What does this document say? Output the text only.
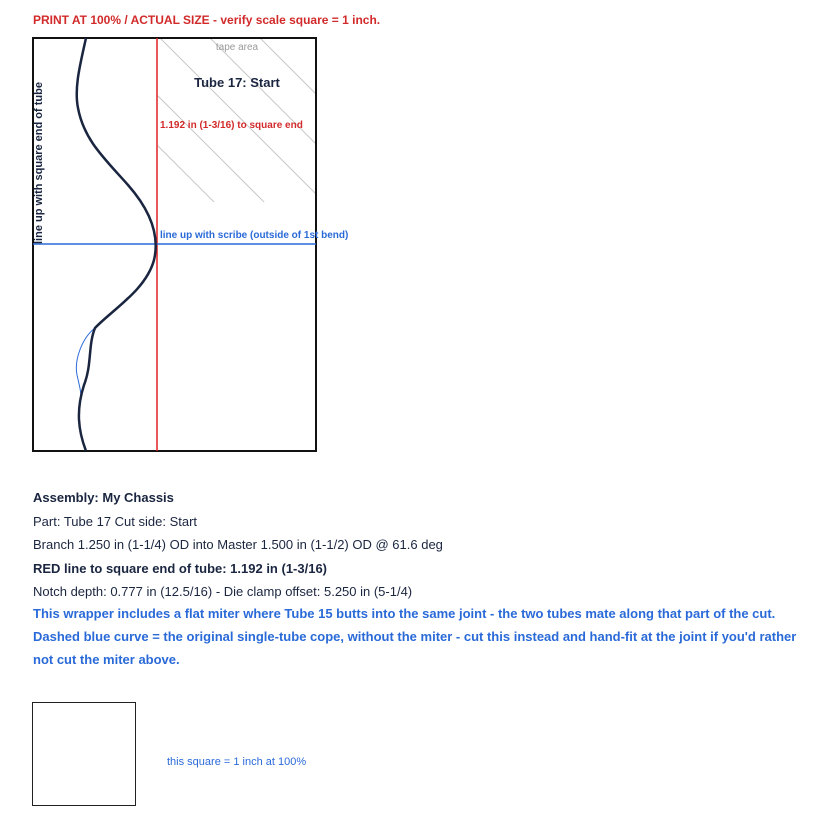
PRINT AT 100% / ACTUAL SIZE - verify scale square = 1 inch.
tape area
Tube 17: Start
1.192 in (1-3/16) to square end
line up with scribe (outside of 1st bend)
line up with square end of tube
Assembly: My Chassis
Part: Tube 17 Cut side: Start
Branch 1.250 in (1-1/4) OD into Master 1.500 in (1-1/2) OD @ 61.6 deg
RED line to square end of tube: 1.192 in (1-3/16)
Notch depth: 0.777 in (12.5/16) - Die clamp offset: 5.250 in (5-1/4)
This wrapper includes a flat miter where Tube 15 butts into the same joint - the two tubes mate along that part of the cut.
Dashed blue curve = the original single-tube cope, without the miter - cut this instead and hand-fit at the joint if you'd rather not cut the miter above.
this square = 1 inch at 100%
